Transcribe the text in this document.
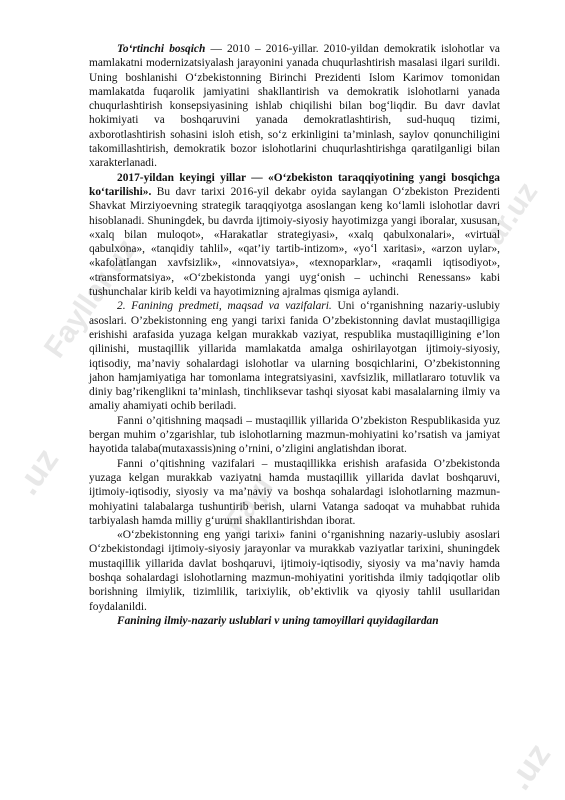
Fayllar.uz
.uz	Fayl
ar.uz
.uz

To‘rtinchi bosqich — 2010 – 2016-yillar. 2010-yildan demokratik islohotlar va mamlakatni modernizatsiyalash jarayonini yanada chuqurlashtirish masalasi ilgari surildi. Uning boshlanishi O‘zbekistonning Birinchi Prezidenti Islom Karimov tomonidan mamlakatda fuqarolik jamiyatini shakllantirish va demokratik islohotlarni yanada chuqurlashtirish konsepsiyasining ishlab chiqilishi bilan bog‘liqdir. Bu davr davlat hokimiyati va boshqaruvini yanada demokratlashtirish, sud-huquq tizimi, axborotlashtirish sohasini isloh etish, so‘z erkinligini ta’minlash, saylov qonunchiligini takomillashtirish, demokratik bozor islohotlarini chuqurlashtirishga qaratilganligi bilan xarakterlanadi.

2017-yildan keyingi yillar — «O‘zbekiston taraqqiyotining yangi bosqichga ko‘tarilishi». Bu davr tarixi 2016-yil dekabr oyida saylangan O‘zbekiston Prezidenti Shavkat Mirziyoevning strategik taraqqiyotga asoslangan keng ko‘lamli islohotlar davri hisoblanadi. Shuningdek, bu davrda ijtimoiy-siyosiy hayotimizga yangi iboralar, xususan, «xalq bilan muloqot», «Harakatlar strategiyasi», «xalq qabulxonalari», «virtual qabulxona», «tanqidiy tahlil», «qat’iy tartib-intizom», «yo‘l xaritasi», «arzon uylar», «kafolatlangan xavfsizlik», «innovatsiya», «texnoparklar», «raqamli iqtisodiyot», «transformatsiya», «O‘zbekistonda yangi uyg‘onish – uchinchi Renessans» kabi tushunchalar kirib keldi va hayotimizning ajralmas qismiga aylandi.

2. Fanining predmeti, maqsad va vazifalari. Uni o‘rganishning nazariy-uslubiy asoslari. O’zbekistonning eng yangi tarixi fanida O’zbekistonning davlat mustaqilligiga erishishi arafasida yuzaga kelgan murakkab vaziyat, respublika mustaqilligining e’lon qilinishi, mustaqillik yillarida mamlakatda amalga oshirilayotgan ijtimoiy-siyosiy, iqtisodiy, ma’naviy sohalardagi islohotlar va ularning bosqichlarini, O’zbekistonning jahon hamjamiyatiga har tomonlama integratsiyasini, xavfsizlik, millatlararo totuvlik va diniy bag’rikenglikni ta’minlash, tinchliksevar tashqi siyosat kabi masalalarning ilmiy va amaliy ahamiyati ochib beriladi.

Fanni o’qitishning maqsadi – mustaqillik yillarida O’zbekiston Respublikasida yuz bergan muhim o’zgarishlar, tub islohotlarning mazmun-mohiyatini ko’rsatish va jamiyat hayotida talaba(mutaxassis)ning o’rnini, o’zligini anglatishdan iborat.

Fanni o’qitishning vazifalari – mustaqillikka erishish arafasida O’zbekistonda yuzaga kelgan murakkab vaziyatni hamda mustaqillik yillarida davlat boshqaruvi, ijtimoiy-iqtisodiy, siyosiy va ma’naviy va boshqa sohalardagi islohotlarning mazmun-mohiyatini talabalarga tushuntirib berish, ularni Vatanga sadoqat va muhabbat ruhida tarbiyalash hamda milliy g‘ururni shakllantirishdan iborat.

«O‘zbekistonning eng yangi tarixi» fanini o‘rganishning nazariy-uslubiy asoslari O‘zbekistondagi ijtimoiy-siyosiy jarayonlar va murakkab vaziyatlar tarixini, shuningdek mustaqillik yillarida davlat boshqaruvi, ijtimoiy-iqtisodiy, siyosiy va ma’naviy hamda boshqa sohalardagi islohotlarning mazmun-mohiyatini yoritishda ilmiy tadqiqotlar olib borishning ilmiylik, tizimlilik, tarixiylik, ob’ektivlik va qiyosiy tahlil usullaridan foydalanildi.

Fanining ilmiy-nazariy uslublari v uning tamoyillari quyidagilardan
